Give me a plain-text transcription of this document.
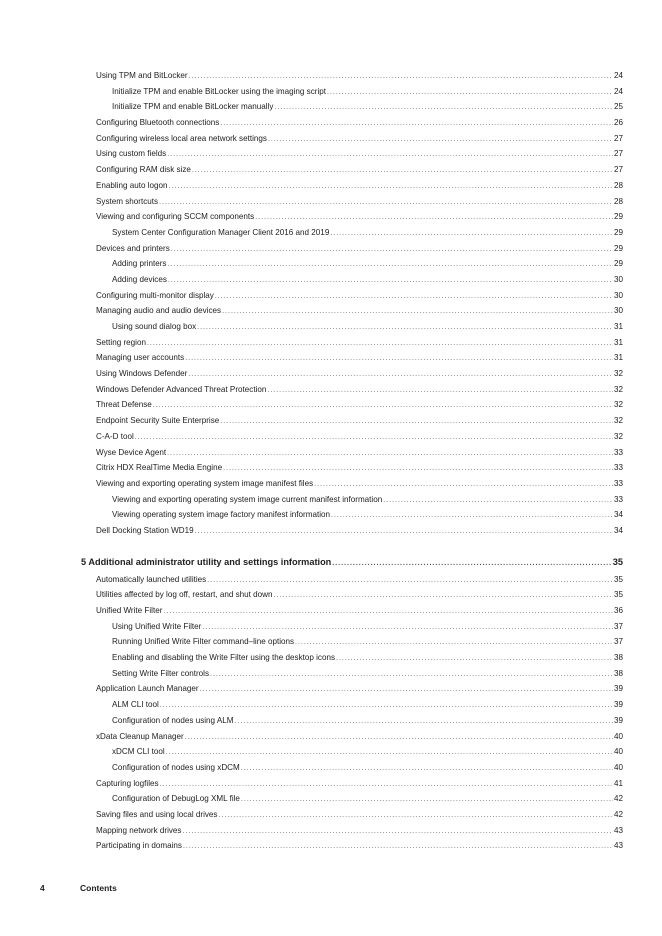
Using TPM and BitLocker .....	24
Initialize TPM and enable BitLocker using the imaging script .....	24
Initialize TPM and enable BitLocker manually .....	25
Configuring Bluetooth connections .....	26
Configuring wireless local area network settings .....	27
Using custom fields .....	27
Configuring RAM disk size .....	27
Enabling auto logon .....	28
System shortcuts .....	28
Viewing and configuring SCCM components .....	29
System Center Configuration Manager Client 2016 and 2019 .....	29
Devices and printers .....	29
Adding printers .....	29
Adding devices .....	30
Configuring multi-monitor display .....	30
Managing audio and audio devices .....	30
Using sound dialog box .....	31
Setting region .....	31
Managing user accounts .....	31
Using Windows Defender .....	32
Windows Defender Advanced Threat Protection .....	32
Threat Defense .....	32
Endpoint Security Suite Enterprise .....	32
C-A-D tool .....	32
Wyse Device Agent .....	33
Citrix HDX RealTime Media Engine .....	33
Viewing and exporting operating system image manifest files .....	33
Viewing and exporting operating system image current manifest information .....	33
Viewing operating system image factory manifest information .....	34
Dell Docking Station WD19 .....	34
5 Additional administrator utility and settings information .....	35
Automatically launched utilities .....	35
Utilities affected by log off, restart, and shut down .....	35
Unified Write Filter .....	36
Using Unified Write Filter .....	37
Running Unified Write Filter command–line options .....	37
Enabling and disabling the Write Filter using the desktop icons .....	38
Setting Write Filter controls .....	38
Application Launch Manager .....	39
ALM CLI tool .....	39
Configuration of nodes using ALM .....	39
xData Cleanup Manager .....	40
xDCM CLI tool .....	40
Configuration of nodes using xDCM .....	40
Capturing logfiles .....	41
Configuration of DebugLog XML file .....	42
Saving files and using local drives .....	42
Mapping network drives .....	43
Participating in domains .....	43
4	Contents
